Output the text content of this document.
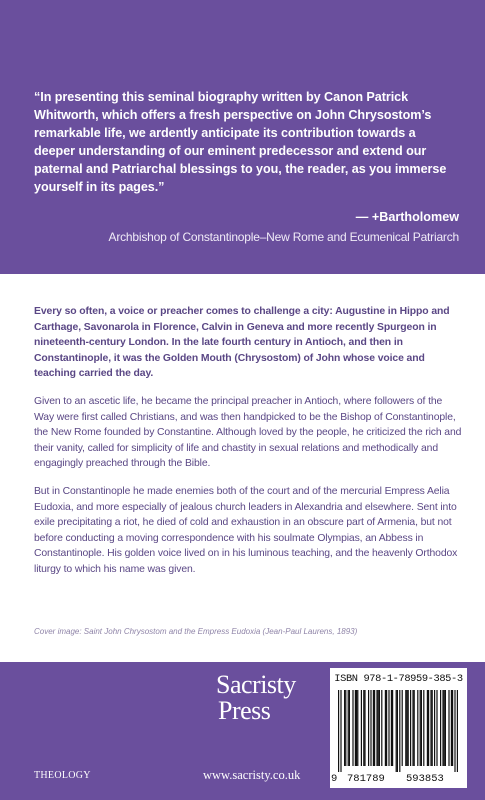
“In presenting this seminal biography written by Canon Patrick Whitworth, which offers a fresh perspective on John Chrysostom’s remarkable life, we ardently anticipate its contribution towards a deeper understanding of our eminent predecessor and extend our paternal and Patriarchal blessings to you, the reader, as you immerse yourself in its pages.”
— +Bartholomew
Archbishop of Constantinople–New Rome and Ecumenical Patriarch

Every so often, a voice or preacher comes to challenge a city: Augustine in Hippo and Carthage, Savonarola in Florence, Calvin in Geneva and more recently Spurgeon in nineteenth-century London. In the late fourth century in Antioch, and then in Constantinople, it was the Golden Mouth (Chrysostom) of John whose voice and teaching carried the day.

Given to an ascetic life, he became the principal preacher in Antioch, where followers of the Way were first called Christians, and was then handpicked to be the Bishop of Constantinople, the New Rome founded by Constantine. Although loved by the people, he criticized the rich and their vanity, called for simplicity of life and chastity in sexual relations and methodically and engagingly preached through the Bible.

But in Constantinople he made enemies both of the court and of the mercurial Empress Aelia Eudoxia, and more especially of jealous church leaders in Alexandria and elsewhere. Sent into exile precipitating a riot, he died of cold and exhaustion in an obscure part of Armenia, but not before conducting a moving correspondence with his soulmate Olympias, an Abbess in Constantinople. His golden voice lived on in his luminous teaching, and the heavenly Orthodox liturgy to which his name was given.

Cover image: Saint John Chrysostom and the Empress Eudoxia (Jean-Paul Laurens, 1893)
Sacristy
Press
THEOLOGY	www.sacristy.co.uk
ISBN 978-1-78959-385-3
9 781789 593853
